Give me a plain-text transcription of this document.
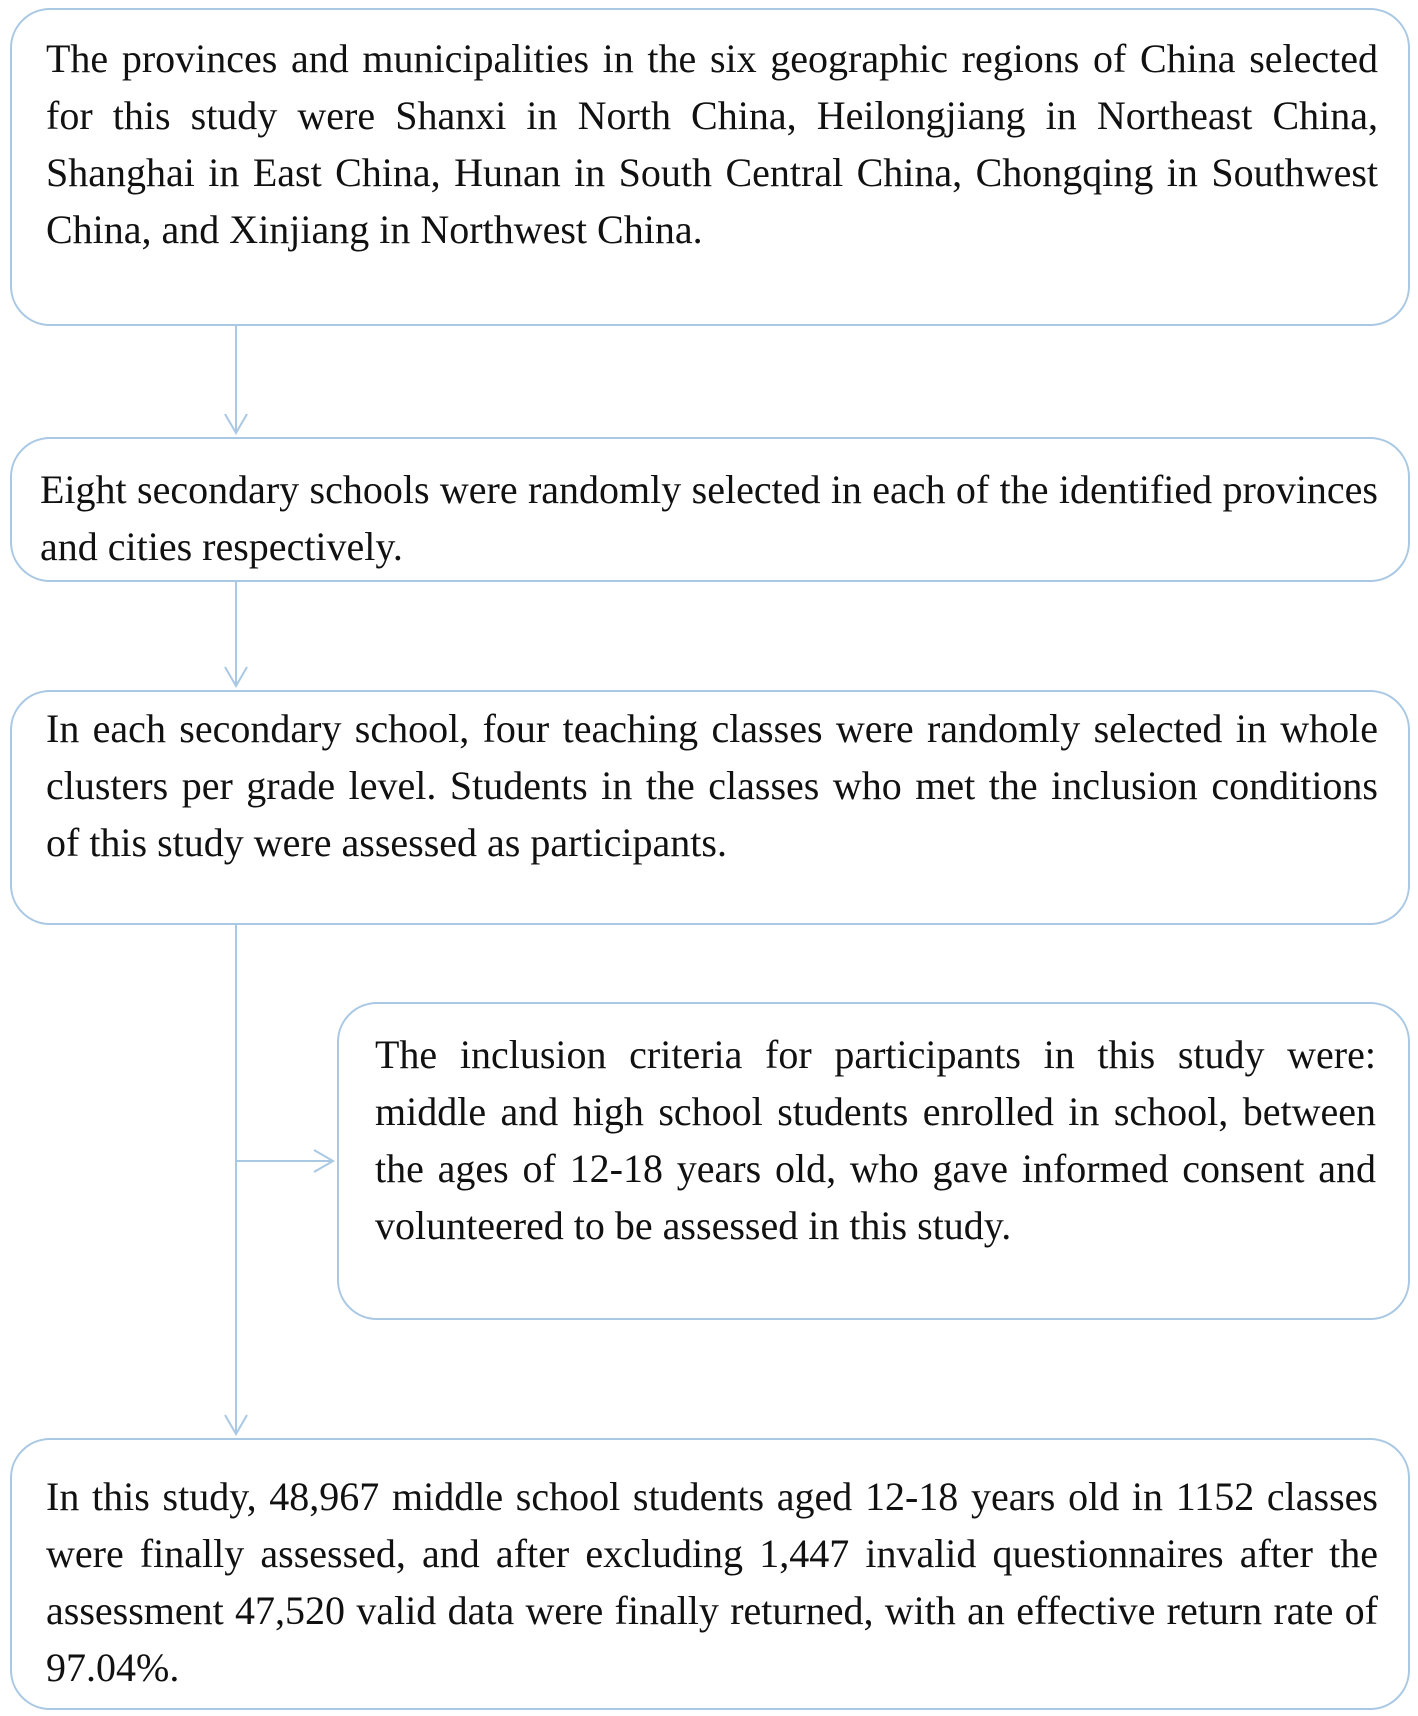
The provinces and municipalities in the six geographic regions of China selected for this study were Shanxi in North China, Heilongjiang in Northeast China, Shanghai in East China, Hunan in South Central China, Chongqing in Southwest China, and Xinjiang in Northwest China.

Eight secondary schools were randomly selected in each of the identified provinces and cities respectively.

In each secondary school, four teaching classes were randomly selected in whole clusters per grade level. Students in the classes who met the inclusion conditions of this study were assessed as participants.

The inclusion criteria for participants in this study were: middle and high school students enrolled in school, between the ages of 12-18 years old, who gave informed consent and volunteered to be assessed in this study.

In this study, 48,967 middle school students aged 12-18 years old in 1152 classes were finally assessed, and after excluding 1,447 invalid questionnaires after the assessment 47,520 valid data were finally returned, with an effective return rate of 97.04%.
